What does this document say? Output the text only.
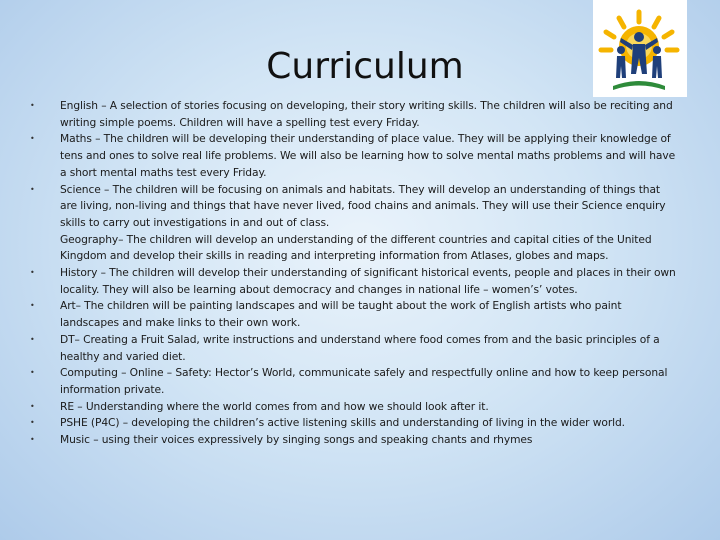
Curriculum
• English – A selection of stories focusing on developing, their story writing skills. The children will also be reciting and writing simple poems. Children will have a spelling test every Friday.
• Maths – The children will be developing their understanding of place value. They will be applying their knowledge of tens and ones to solve real life problems. We will also be learning how to solve mental maths problems and will have a short mental maths test every Friday.
• Science – The children will be focusing on animals and habitats. They will develop an understanding of things that are living, non-living and things that have never lived, food chains and animals. They will use their Science enquiry skills to carry out investigations in and out of class.
Geography– The children will develop an understanding of the different countries and capital cities of the United Kingdom and develop their skills in reading and interpreting information from Atlases, globes and maps.
• History – The children will develop their understanding of significant historical events, people and places in their own locality. They will also be learning about democracy and changes in national life – women’s’ votes.
• Art– The children will be painting landscapes and will be taught about the work of English artists who paint landscapes and make links to their own work.
• DT– Creating a Fruit Salad, write instructions and understand where food comes from and the basic principles of a healthy and varied diet.
• Computing – Online – Safety: Hector’s World, communicate safely and respectfully online and how to keep personal information private.
• RE – Understanding where the world comes from and how we should look after it.
• PSHE (P4C) – developing the children’s active listening skills and understanding of living in the wider world.
• Music – using their voices expressively by singing songs and speaking chants and rhymes
